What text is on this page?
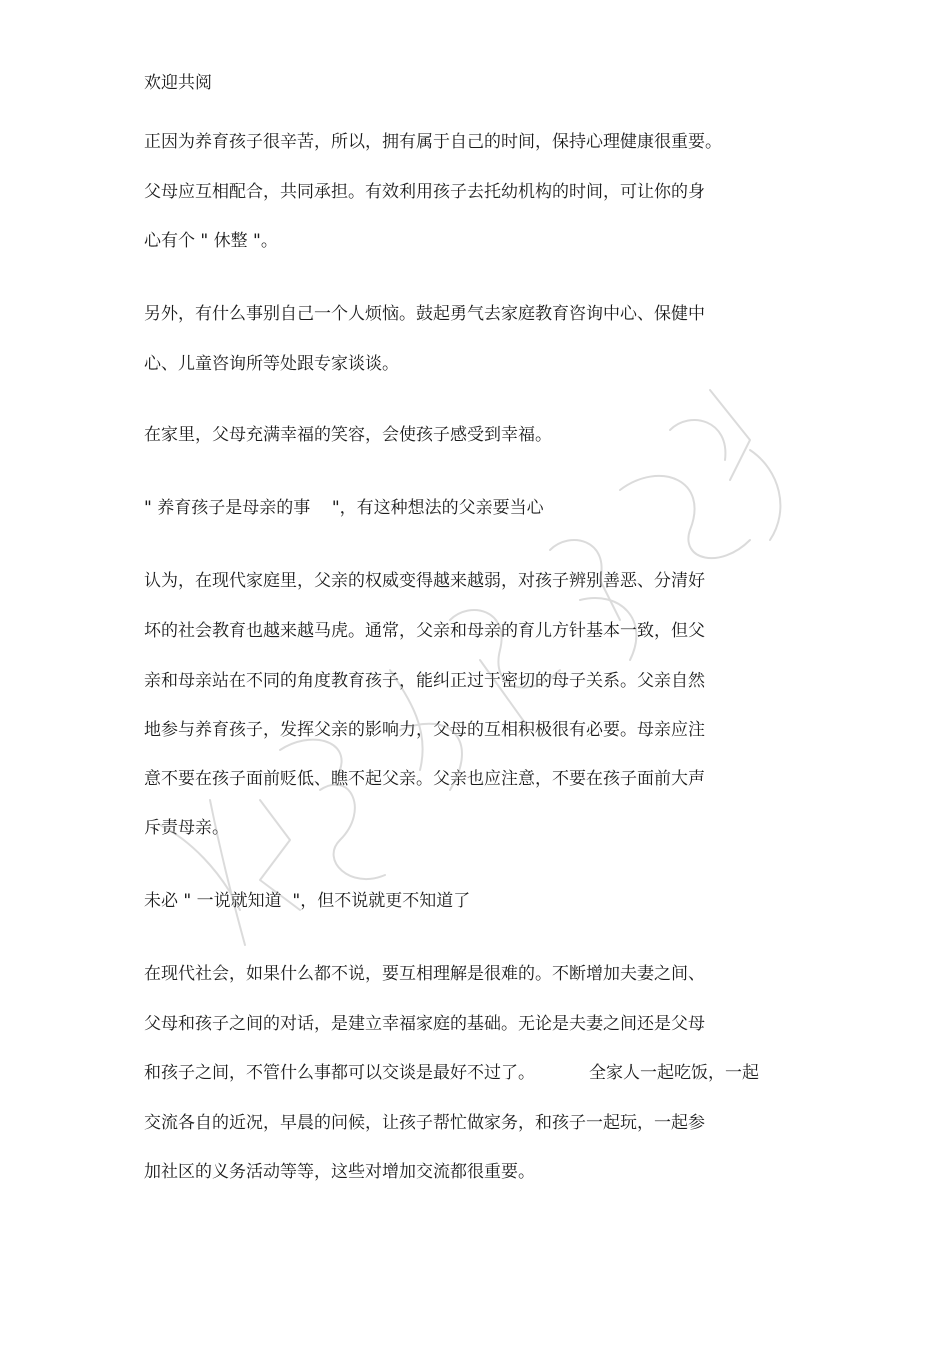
欢迎共阅

正因为养育孩子很辛苦，所以，拥有属于自己的时间，保持心理健康很重要。

父母应互相配合，共同承担。有效利用孩子去托幼机构的时间，可让你的身

心有个 " 休整 "。

另外，有什么事别自己一个人烦恼。鼓起勇气去家庭教育咨询中心、保健中

心、儿童咨询所等处跟专家谈谈。

在家里，父母充满幸福的笑容，会使孩子感受到幸福。

" 养育孩子是母亲的事    "，有这种想法的父亲要当心

认为，在现代家庭里，父亲的权威变得越来越弱，对孩子辨别善恶、分清好

坏的社会教育也越来越马虎。通常，父亲和母亲的育儿方针基本一致，但父

亲和母亲站在不同的角度教育孩子，能纠正过于密切的母子关系。父亲自然

地参与养育孩子，发挥父亲的影响力，父母的互相积极很有必要。母亲应注

意不要在孩子面前贬低、瞧不起父亲。父亲也应注意，不要在孩子面前大声

斥责母亲。

未必 " 一说就知道  "，但不说就更不知道了

在现代社会，如果什么都不说，要互相理解是很难的。不断增加夫妻之间、

父母和孩子之间的对话，是建立幸福家庭的基础。无论是夫妻之间还是父母

和孩子之间，不管什么事都可以交谈是最好不过了。          全家人一起吃饭，一起

交流各自的近况，早晨的问候，让孩子帮忙做家务，和孩子一起玩，一起参

加社区的义务活动等等，这些对增加交流都很重要。
